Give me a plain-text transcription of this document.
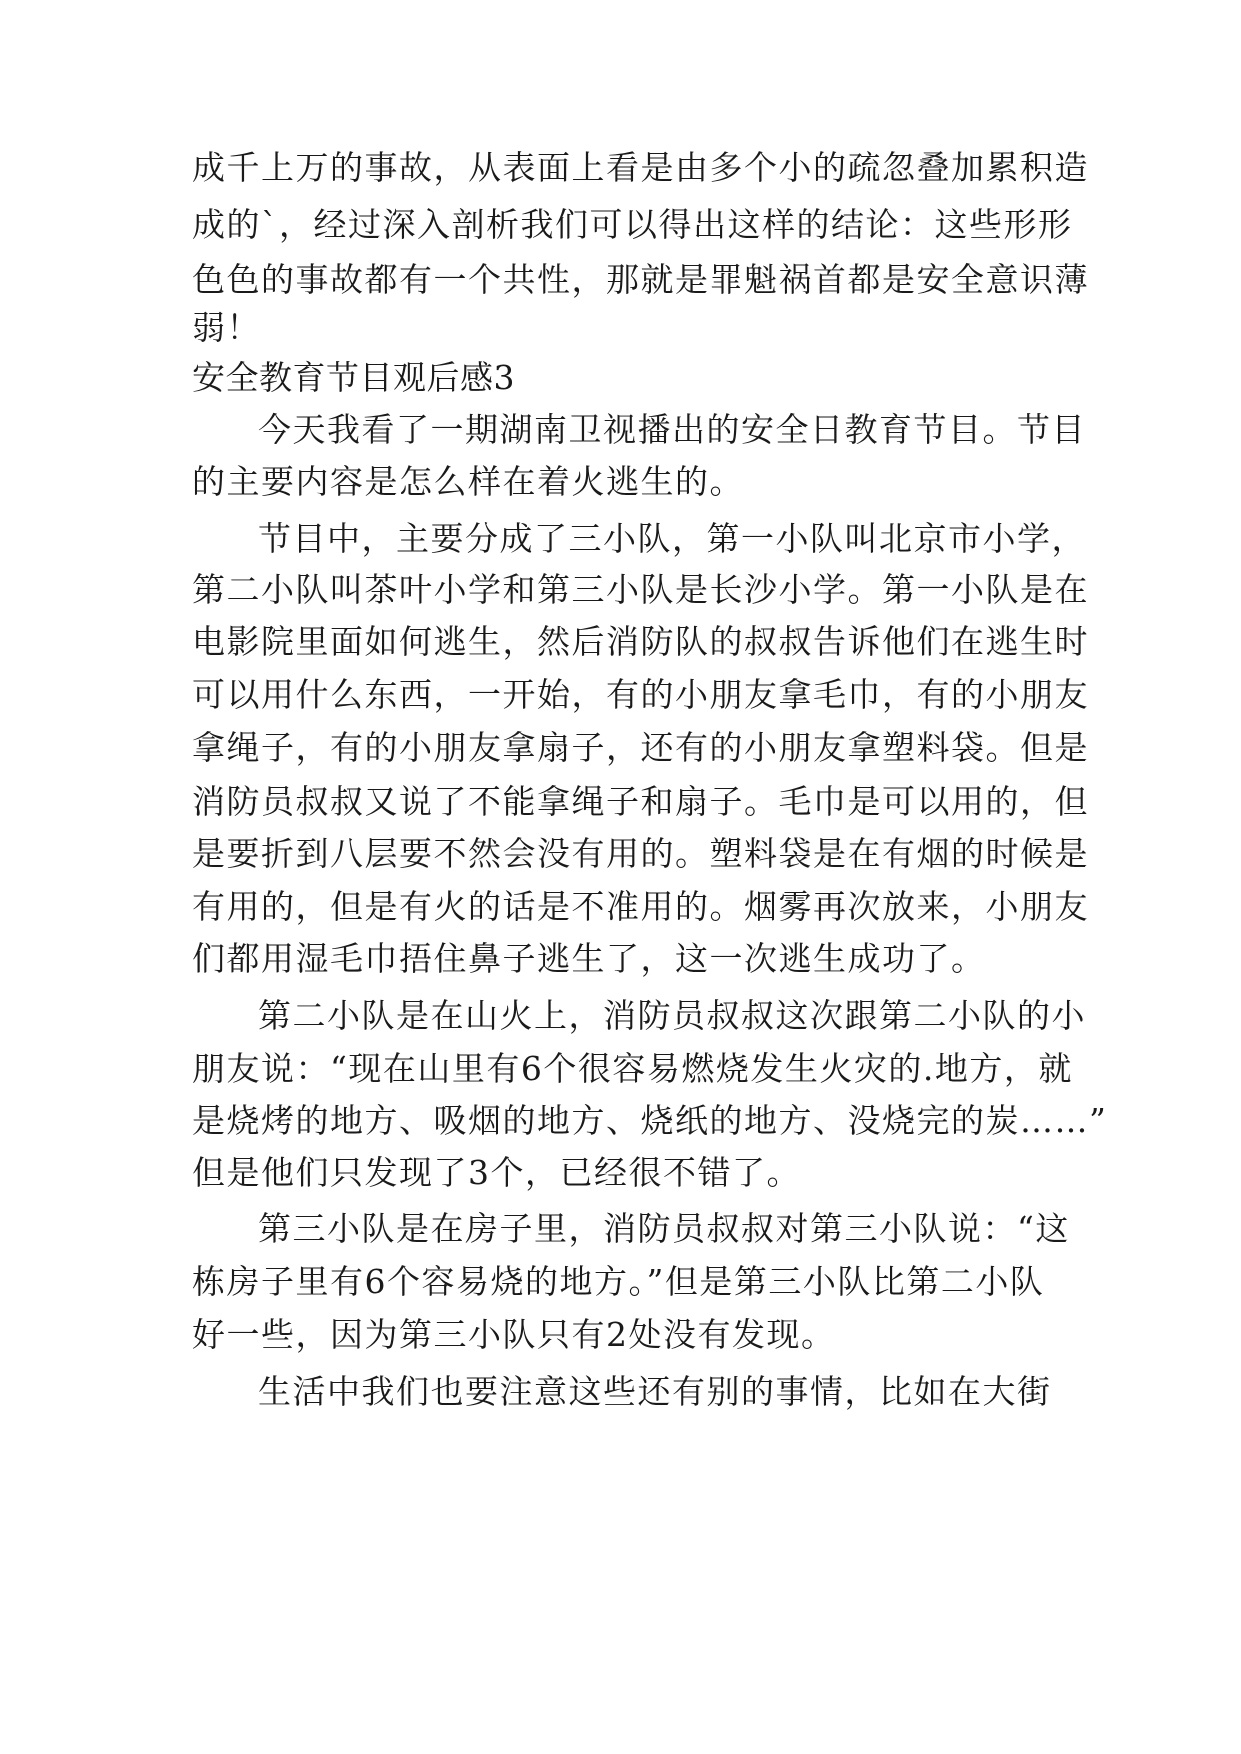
成千上万的事故，从表面上看是由多个小的疏忽叠加累积造
成的`，经过深入剖析我们可以得出这样的结论：这些形形
色色的事故都有一个共性，那就是罪魁祸首都是安全意识薄
弱！
安全教育节目观后感3
今天我看了一期湖南卫视播出的安全日教育节目。节目
的主要内容是怎么样在着火逃生的。
节目中，主要分成了三小队，第一小队叫北京市小学，
第二小队叫茶叶小学和第三小队是长沙小学。第一小队是在
电影院里面如何逃生，然后消防队的叔叔告诉他们在逃生时
可以用什么东西，一开始，有的小朋友拿毛巾，有的小朋友
拿绳子，有的小朋友拿扇子，还有的小朋友拿塑料袋。但是
消防员叔叔又说了不能拿绳子和扇子。毛巾是可以用的，但
是要折到八层要不然会没有用的。塑料袋是在有烟的时候是
有用的，但是有火的话是不准用的。烟雾再次放来，小朋友
们都用湿毛巾捂住鼻子逃生了，这一次逃生成功了。
第二小队是在山火上，消防员叔叔这次跟第二小队的小
朋友说：“现在山里有6个很容易燃烧发生火灾的.地方，就
是烧烤的地方、吸烟的地方、烧纸的地方、没烧完的炭……”
但是他们只发现了3个，已经很不错了。
第三小队是在房子里，消防员叔叔对第三小队说：“这
栋房子里有6个容易烧的地方。”但是第三小队比第二小队
好一些，因为第三小队只有2处没有发现。
生活中我们也要注意这些还有别的事情，比如在大街
